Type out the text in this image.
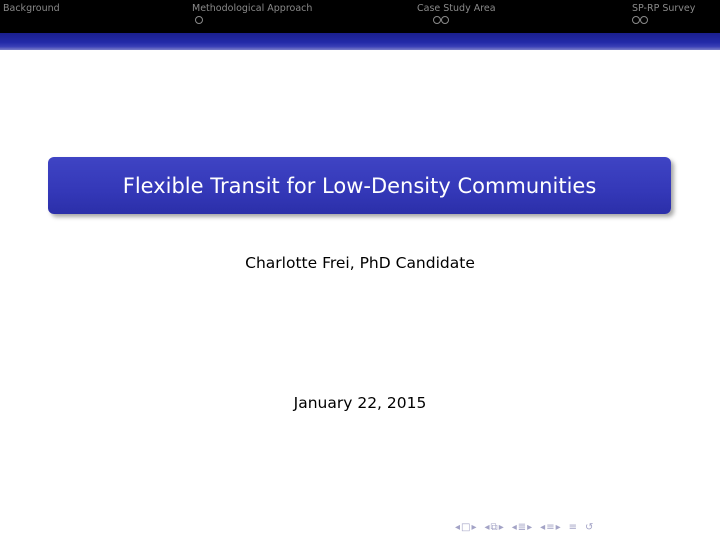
Background	Methodological Approach	Case Study Area	SP-RP Survey
Flexible Transit for Low-Density Communities
Charlotte Frei, PhD Candidate
January 22, 2015
◂ □ ▸ ◂ ⧉ ▸ ◂ ≣ ▸ ◂ ≡ ▸ ≡ ↺
